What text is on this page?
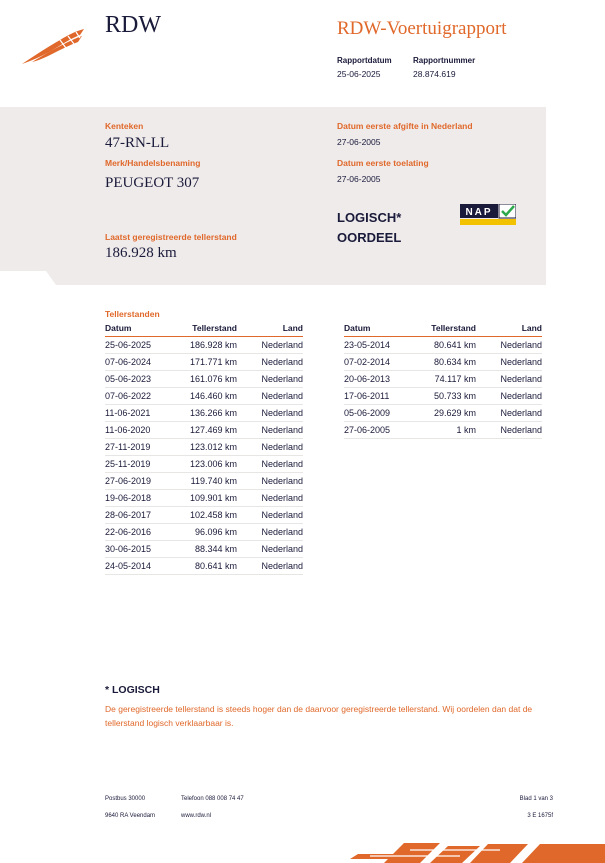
RDW	RDW-Voertuigrapport
Rapportdatum
25-06-2025
Rapportnummer
28.874.619
Kenteken
47-RN-LL
Merk/Handelsbenaming
PEUGEOT 307
Laatst geregistreerde tellerstand
186.928 km
Datum eerste afgifte in Nederland
27-06-2005
Datum eerste toelating
27-06-2005
LOGISCH*
OORDEEL
NAP
Tellerstanden
Datum	Tellerstand	Land
25-06-2025	186.928 km	Nederland
07-06-2024	171.771 km	Nederland
05-06-2023	161.076 km	Nederland
07-06-2022	146.460 km	Nederland
11-06-2021	136.266 km	Nederland
11-06-2020	127.469 km	Nederland
27-11-2019	123.012 km	Nederland
25-11-2019	123.006 km	Nederland
27-06-2019	119.740 km	Nederland
19-06-2018	109.901 km	Nederland
28-06-2017	102.458 km	Nederland
22-06-2016	96.096 km	Nederland
30-06-2015	88.344 km	Nederland
24-05-2014	80.641 km	Nederland
Datum	Tellerstand	Land
23-05-2014	80.641 km	Nederland
07-02-2014	80.634 km	Nederland
20-06-2013	74.117 km	Nederland
17-06-2011	50.733 km	Nederland
05-06-2009	29.629 km	Nederland
27-06-2005	1 km	Nederland
* LOGISCH
De geregistreerde tellerstand is steeds hoger dan de daarvoor geregistreerde tellerstand. Wij oordelen dan dat de tellerstand logisch verklaarbaar is.
Postbus 30000
9640 RA Veendam
Telefoon 088 008 74 47
www.rdw.nl
Blad 1 van 3
3 E 1675f
